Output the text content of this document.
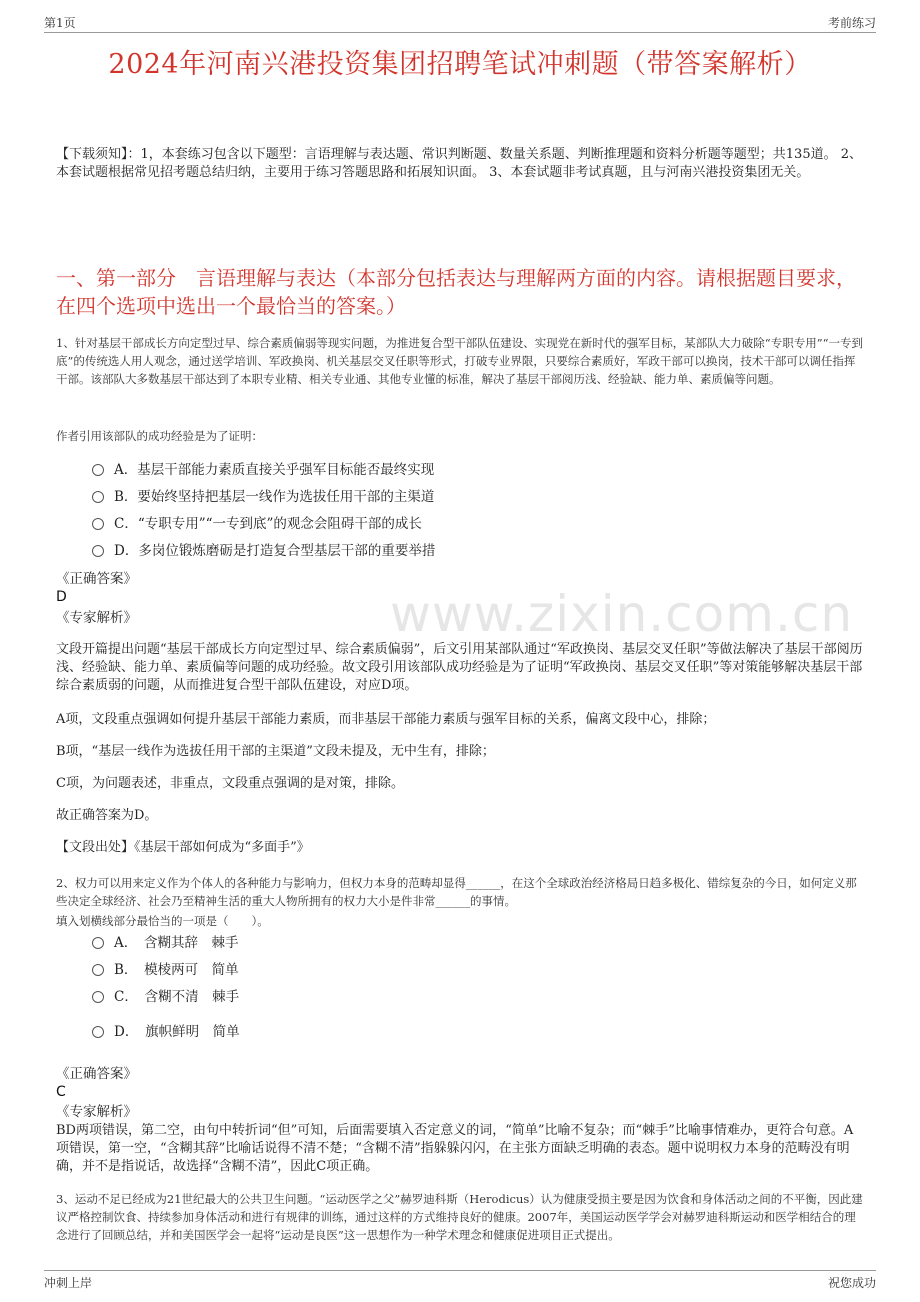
第1页	考前练习
2024年河南兴港投资集团招聘笔试冲刺题（带答案解析）
【下载须知】：1，本套练习包含以下题型：言语理解与表达题、常识判断题、数量关系题、判断推理题和资料分析题等题型；共135道。 2、本套试题根据常见招考题总结归纳，主要用于练习答题思路和拓展知识面。 3、本套试题非考试真题，且与河南兴港投资集团无关。
一、第一部分　言语理解与表达（本部分包括表达与理解两方面的内容。请根据题目要求，在四个选项中选出一个最恰当的答案。）
www.zixin.com.cn
1、针对基层干部成长方向定型过早、综合素质偏弱等现实问题，为推进复合型干部队伍建设、实现党在新时代的强军目标，某部队大力破除“专职专用”“一专到底”的传统选人用人观念，通过送学培训、军政换岗、机关基层交叉任职等形式，打破专业界限，只要综合素质好，军政干部可以换岗，技术干部可以调任指挥干部。该部队大多数基层干部达到了本职专业精、相关专业通、其他专业懂的标准，解决了基层干部阅历浅、经验缺、能力单、素质偏等问题。
作者引用该部队的成功经验是为了证明：
A．基层干部能力素质直接关乎强军目标能否最终实现
B．要始终坚持把基层一线作为选拔任用干部的主渠道
C．“专职专用”“一专到底”的观念会阻碍干部的成长
D．多岗位锻炼磨砺是打造复合型基层干部的重要举措
《正确答案》
D
《专家解析》
文段开篇提出问题“基层干部成长方向定型过早、综合素质偏弱”，后文引用某部队通过“军政换岗、基层交叉任职”等做法解决了基层干部阅历浅、经验缺、能力单、素质偏等问题的成功经验。故文段引用该部队成功经验是为了证明“军政换岗、基层交叉任职”等对策能够解决基层干部综合素质弱的问题，从而推进复合型干部队伍建设，对应D项。
A项，文段重点强调如何提升基层干部能力素质，而非基层干部能力素质与强军目标的关系，偏离文段中心，排除；
B项，“基层一线作为选拔任用干部的主渠道”文段未提及，无中生有，排除；
C项，为问题表述，非重点，文段重点强调的是对策，排除。
故正确答案为D。
【文段出处】《基层干部如何成为“多面手”》
2、权力可以用来定义作为个体人的各种能力与影响力，但权力本身的范畴却显得______，在这个全球政治经济格局日趋多极化、错综复杂的今日，如何定义那些决定全球经济、社会乃至精神生活的重大人物所拥有的权力大小是件非常______的事情。
填入划横线部分最恰当的一项是（　　）。
A．　含糊其辞　棘手
B．　模棱两可　简单
C．　含糊不清　棘手
D．　旗帜鲜明　简单
《正确答案》
C
《专家解析》
BD两项错误，第二空，由句中转折词“但”可知，后面需要填入否定意义的词，“简单”比喻不复杂；而“棘手”比喻事情难办，更符合句意。A项错误，第一空，“含糊其辞”比喻话说得不清不楚；“含糊不清”指躲躲闪闪，在主张方面缺乏明确的表态。题中说明权力本身的范畴没有明确，并不是指说话，故选择“含糊不清”，因此C项正确。
3、运动不足已经成为21世纪最大的公共卫生问题。“运动医学之父”赫罗迪科斯（Herodicus）认为健康受损主要是因为饮食和身体活动之间的不平衡，因此建议严格控制饮食、持续参加身体活动和进行有规律的训练，通过这样的方式维持良好的健康。2007年，美国运动医学学会对赫罗迪科斯运动和医学相结合的理念进行了回顾总结，并和美国医学会一起将“运动是良医”这一思想作为一种学术理念和健康促进项目正式提出。
冲刺上岸	祝您成功
